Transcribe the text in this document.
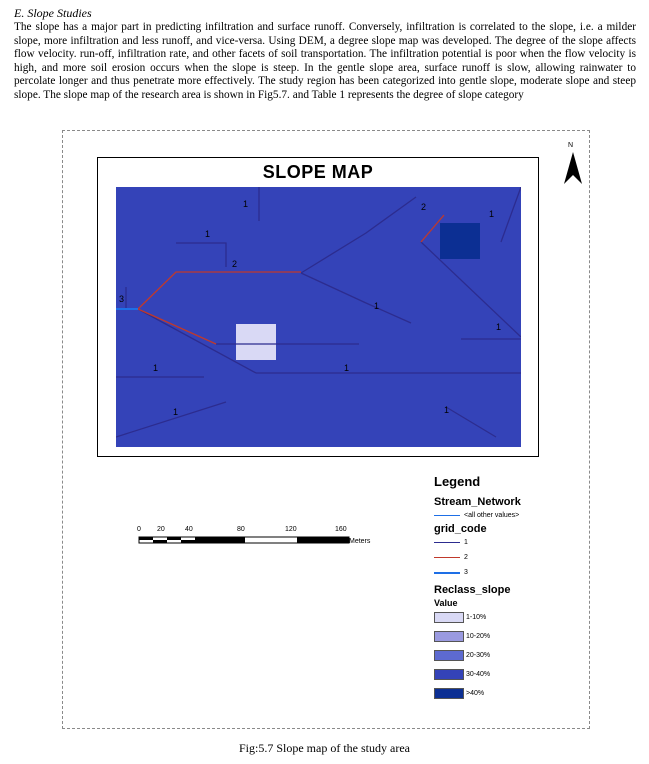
E. Slope Studies

The slope has a major part in predicting infiltration and surface runoff. Conversely, infiltration is correlated to the slope, i.e. a milder slope, more infiltration and less runoff, and vice-versa. Using DEM, a degree slope map was developed. The degree of the slope affects flow velocity. run-off, infiltration rate, and other facets of soil transportation. The infiltration potential is poor when the flow velocity is high, and more soil erosion occurs when the slope is steep. In the gentle slope area, surface runoff is slow, allowing rainwater to percolate longer and thus penetrate more effectively. The study region has been categorized into gentle slope, moderate slope and steep slope. The slope map of the research area is shown in Fig5.7. and Table 1 represents the degree of slope category

SLOPE MAP
1
2
3
1	1
1
1
1	2
1
1
1
N
0 20	40	80	120	160
Meters
Legend
Stream_Network
<all other values>
grid_code
1
2
3
Reclass_slope
Value
1-10%
10-20%
20-30%
30-40%
>40%
Fig:5.7 Slope map of the study area
